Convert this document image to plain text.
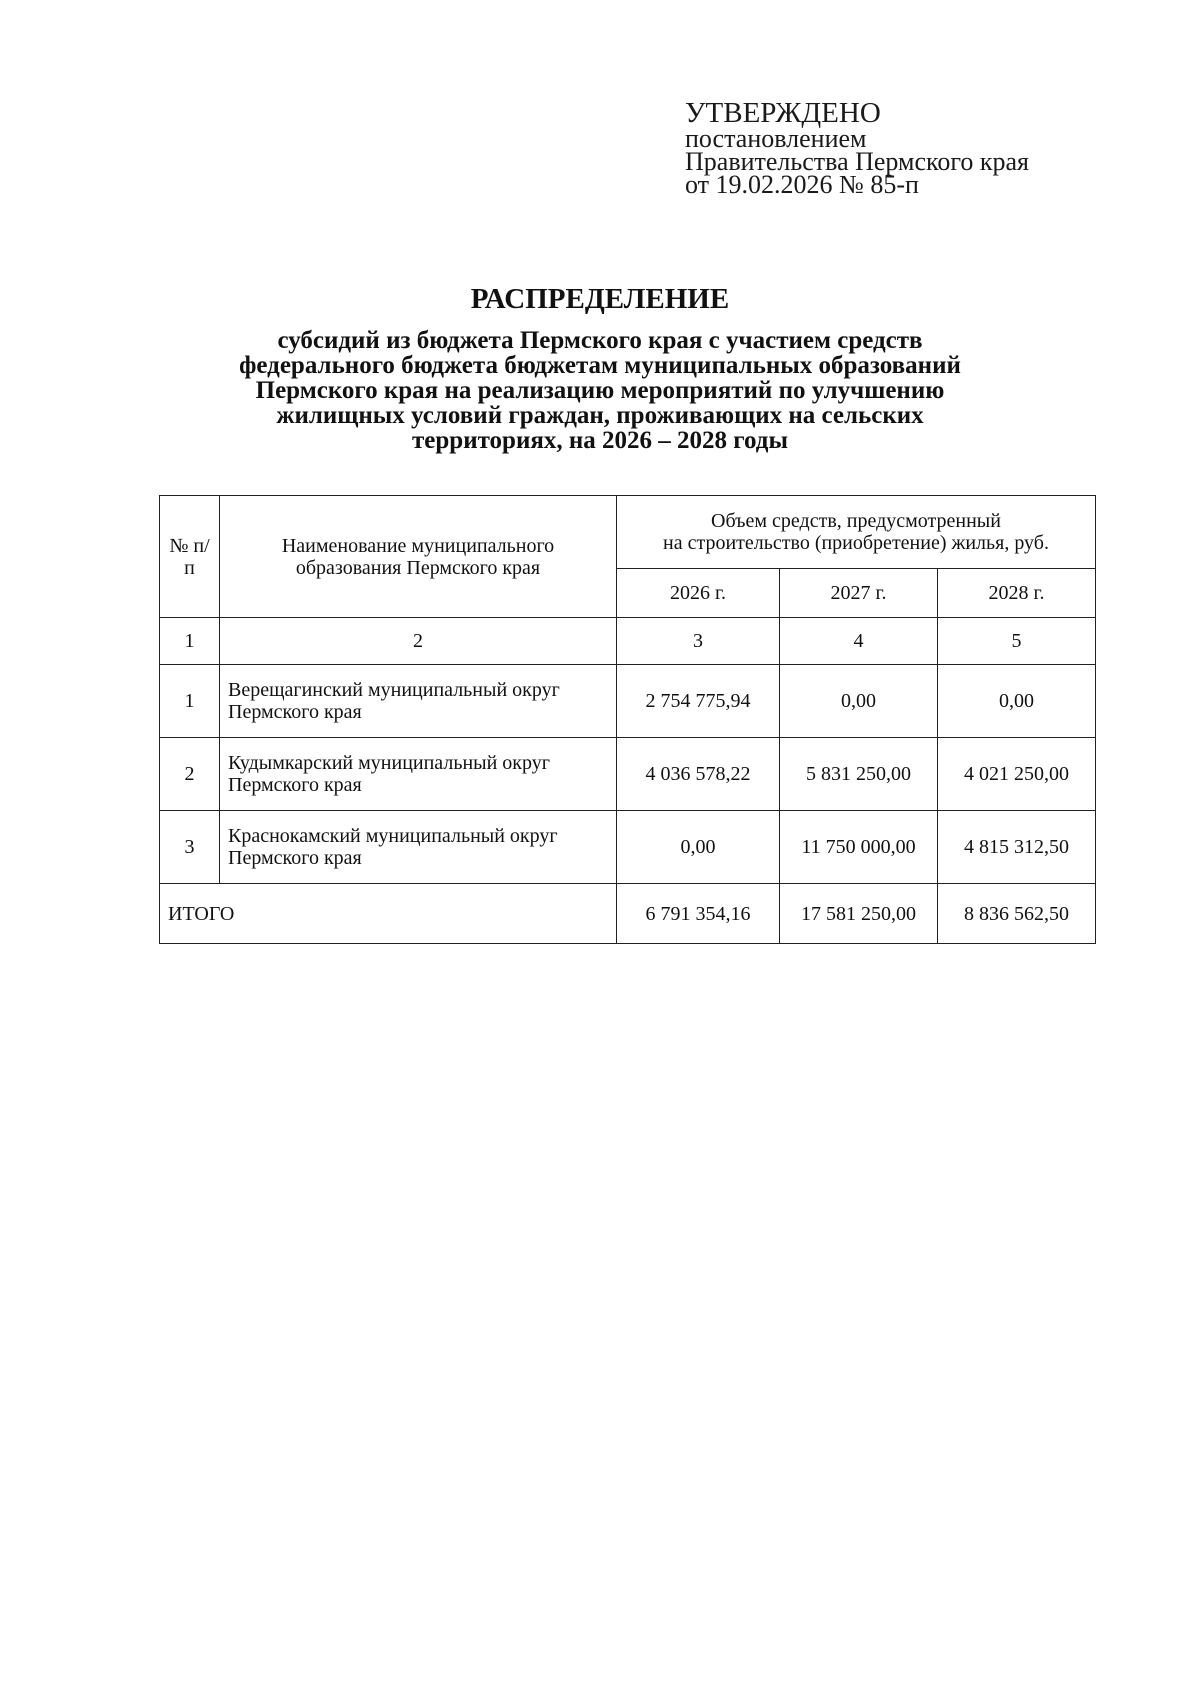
УТВЕРЖДЕНО
постановлением
Правительства Пермского края
от 19.02.2026 № 85-п
РАСПРЕДЕЛЕНИЕ
субсидий из бюджета Пермского края с участием средств
федерального бюджета бюджетам муниципальных образований
Пермского края на реализацию мероприятий по улучшению
жилищных условий граждан, проживающих на сельских
территориях, на 2026 – 2028 годы
№ п/п	Наименование муниципального образования Пермского края	Объем средств, предусмотренный
на строительство (приобретение) жилья, руб.		

		2026 г.	2027 г.	2028 г.
1	2	3	4	5
1	Верещагинский муниципальный округ Пермского края	2 754 775,94	0,00	0,00
2	Кудымкарский муниципальный округ Пермского края	4 036 578,22	5 831 250,00	4 021 250,00
3	Краснокамский муниципальный округ Пермского края	0,00	11 750 000,00	4 815 312,50
ИТОГО		6 791 354,16	17 581 250,00	8 836 562,50
